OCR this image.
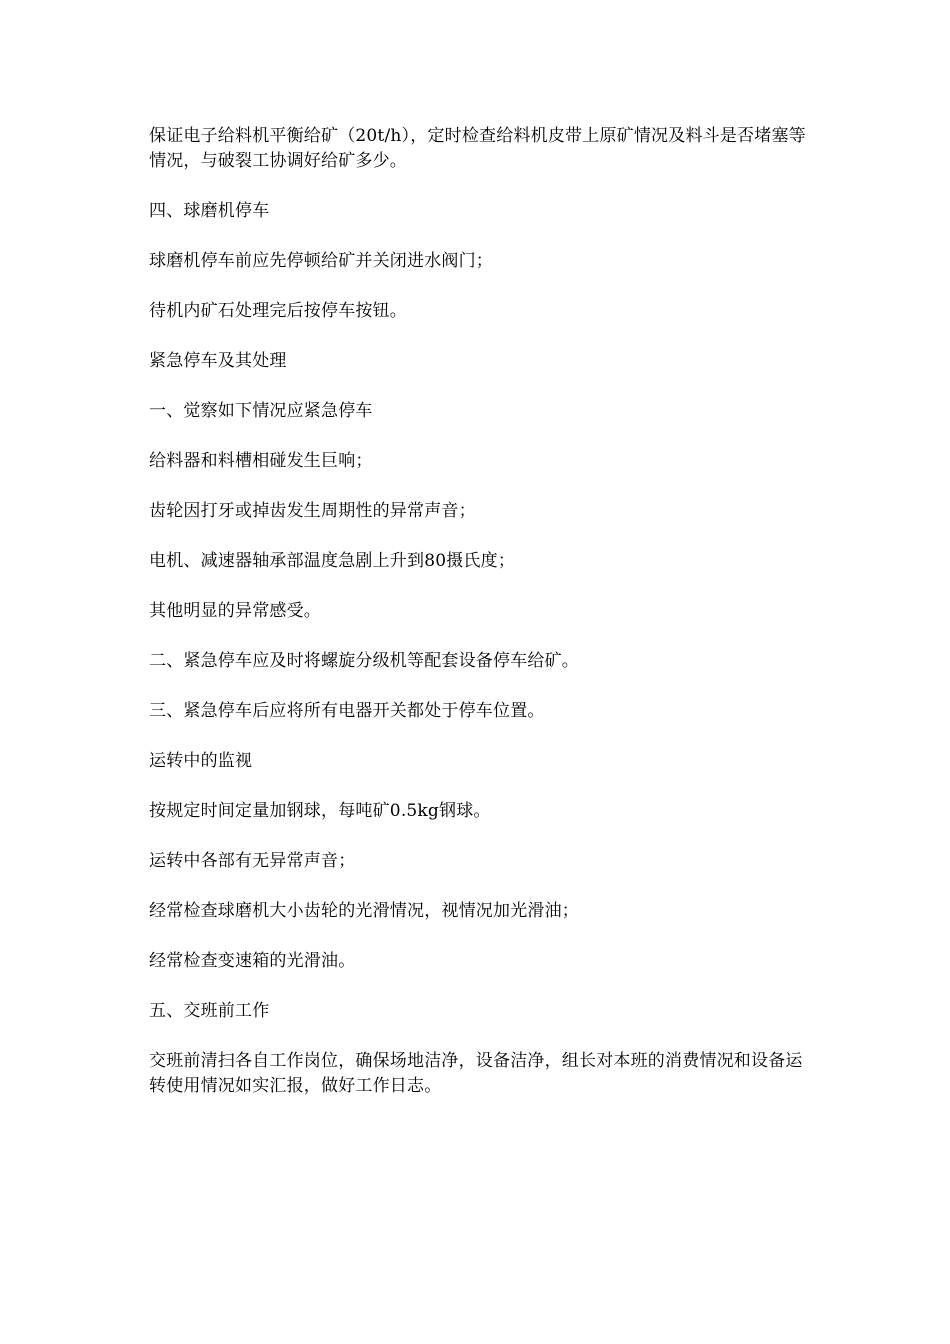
保证电子给料机平衡给矿（20t/h），定时检查给料机皮带上原矿情况及料斗是否堵塞等情况，与破裂工协调好给矿多少。

四、球磨机停车

球磨机停车前应先停顿给矿并关闭进水阀门；

待机内矿石处理完后按停车按钮。

紧急停车及其处理

一、觉察如下情况应紧急停车

给料器和料槽相碰发生巨响；

齿轮因打牙或掉齿发生周期性的异常声音；

电机、减速器轴承部温度急剧上升到80摄氏度；

其他明显的异常感受。

二、紧急停车应及时将螺旋分级机等配套设备停车给矿。

三、紧急停车后应将所有电器开关都处于停车位置。

运转中的监视

按规定时间定量加钢球，每吨矿0.5kg钢球。

运转中各部有无异常声音；

经常检查球磨机大小齿轮的光滑情况，视情况加光滑油；

经常检查变速箱的光滑油。

五、交班前工作

交班前清扫各自工作岗位，确保场地洁净，设备洁净，组长对本班的消费情况和设备运转使用情况如实汇报，做好工作日志。
